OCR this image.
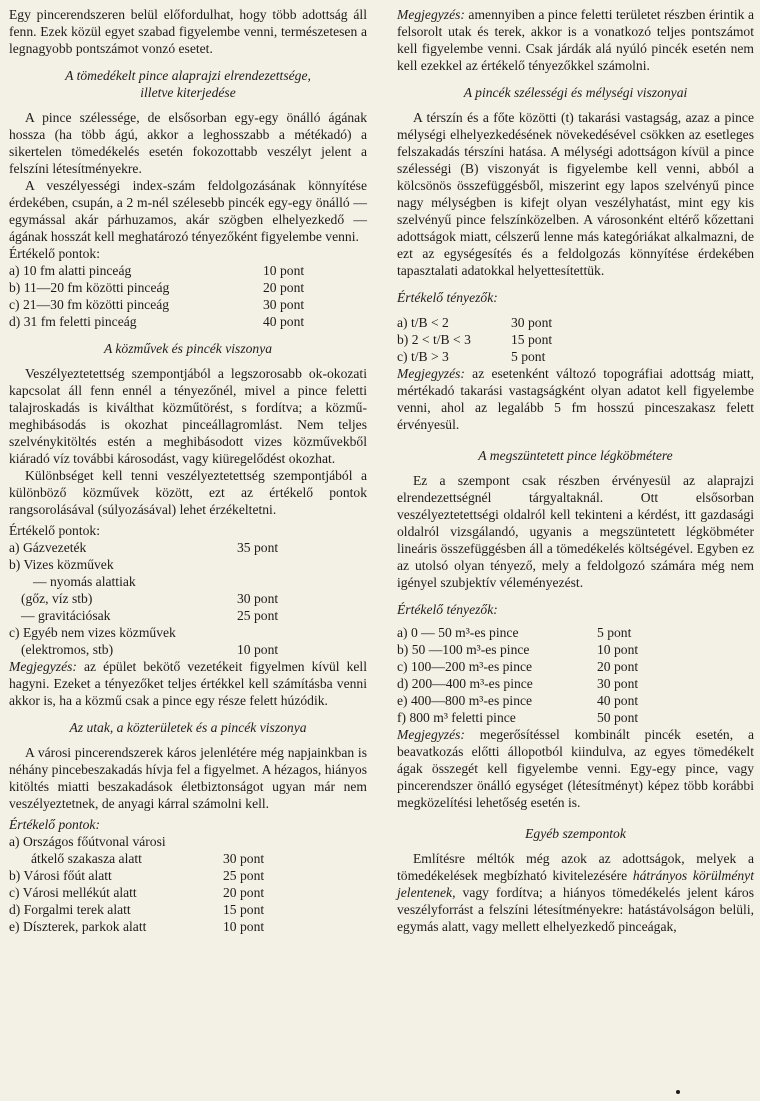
Egy pincerendszeren belül előfordulhat, hogy több adottság áll fenn. Ezek közül egyet szabad figyelembe venni, természetesen a legnagyobb pontszámot vonzó esetet.

A tömedékelt pince alaprajzi elrendezettsége,
illetve kiterjedése

A pince szélessége, de elsősorban egy-egy önálló ágának hossza (ha több ágú, akkor a leghosszabb a métékadó) a sikertelen tömedékelés esetén fokozottabb veszélyt jelent a felszíni létesítményekre.

A veszélyességi index-szám feldolgozásának könnyítése érdekében, csupán, a 2 m-nél szélesebb pincék egy-egy önálló — egymással akár párhuzamos, akár szögben elhelyezkedő — ágának hosszát kell meghatározó tényezőként figyelembe venni.

Értékelő pontok:
a) 10 fm alatti pinceág	10 pont
b) 11—20 fm közötti pinceág	20 pont
c) 21—30 fm közötti pinceág	30 pont
d) 31 fm feletti pinceág	40 pont
A közművek és pincék viszonya

Veszélyeztetettség szempontjából a legszorosabb ok-okozati kapcsolat áll fenn ennél a tényezőnél, mivel a pince feletti talajroskadás is kiválthat közműtörést, s fordítva; a közmű-meghibásodás is okozhat pinceállagromlást. Nem teljes szelvénykitöltés estén a meghibásodott vizes közművekből kiáradó víz további károsodást, vagy kiüregelődést okozhat.

Különbséget kell tenni veszélyeztetettség szempontjából a különböző közművek között, ezt az értékelő pontok rangsorolásával (súlyozásával) lehet érzékeltetni.

Értékelő pontok:
a) Gázvezeték	35 pont
b) Vizes közművek	
— nyomás alattiak	
(gőz, víz stb)	30 pont
— gravitációsak	25 pont
c) Egyéb nem vizes közművek	
(elektromos, stb)	10 pont

Megjegyzés: az épület bekötő vezetékeit figyelmen kívül kell hagyni. Ezeket a tényezőket teljes értékkel kell számításba venni akkor is, ha a közmű csak a pince egy része felett húzódik.

Az utak, a közterületek és a pincék viszonya

A városi pincerendszerek káros jelenlétére még napjainkban is néhány pincebeszakadás hívja fel a figyelmet. A hézagos, hiányos kitöltés miatti beszakadások életbiztonságot ugyan már nem veszélyeztetnek, de anyagi kárral számolni kell.

Értékelő pontok:
a) Országos főútvonal városi	
átkelő szakasza alatt	30 pont
b) Városi főút alatt	25 pont
c) Városi mellékút alatt	20 pont
d) Forgalmi terek alatt	15 pont
e) Díszterek, parkok alatt	10 pont

Megjegyzés: amennyiben a pince feletti területet részben érintik a felsorolt utak és terek, akkor is a vonatkozó teljes pontszámot kell figyelembe venni. Csak járdák alá nyúló pincék esetén nem kell ezekkel az értékelő tényezőkkel számolni.

A pincék szélességi és mélységi viszonyai

A térszín és a főte közötti (t) takarási vastagság, azaz a pince mélységi elhelyezkedésének növekedésével csökken az esetleges felszakadás térszíni hatása. A mélységi adottságon kívül a pince szélességi (B) viszonyát is figyelembe kell venni, abból a kölcsönös összefüggésből, miszerint egy lapos szelvényű pince nagy mélységben is kifejt olyan veszélyhatást, mint egy kis szelvényű pince felszínközelben. A városonként eltérő kőzettani adottságok miatt, célszerű lenne más kategóriákat alkalmazni, de ezt az egységesítés és a feldolgozás könnyítése érdekében tapasztalati adatokkal helyettesítettük.

Értékelő tényezők:
a) t/B < 2	30 pont
b) 2 < t/B < 3	15 pont
c) t/B > 3	5 pont

Megjegyzés: az esetenként változó topográfiai adottság miatt, mértékadó takarási vastagságként olyan adatot kell figyelembe venni, ahol az legalább 5 fm hosszú pinceszakasz felett érvényesül.

A megszüntetett pince légköbmétere

Ez a szempont csak részben érvényesül az alaprajzi elrendezettségnél tárgyaltaknál. Ott elsősorban veszélyeztetettségi oldalról kell tekinteni a kérdést, itt gazdasági oldalról vizsgálandó, ugyanis a megszüntetett légköbméter lineáris összefüggésben áll a tömedékelés költségével. Egyben ez az utolsó olyan tényező, mely a feldolgozó számára még nem igényel szubjektív véleményezést.

Értékelő tényezők:
a) 0 — 50 m³-es pince	5 pont
b) 50 —100 m³-es pince	10 pont
c) 100—200 m³-es pince	20 pont
d) 200—400 m³-es pince	30 pont
e) 400—800 m³-es pince	40 pont
f) 800 m³ feletti pince	50 pont

Megjegyzés: megerősítéssel kombinált pincék esetén, a beavatkozás előtti állopotból kiindulva, az egyes tömedékelt ágak összegét kell figyelembe venni. Egy-egy pince, vagy pincerendszer önálló egységet (létesítményt) képez több korábbi megközelítési lehetőség esetén is.

Egyéb szempontok

Említésre méltók még azok az adottságok, melyek a tömedékelések megbízható kivitelezésére hátrányos körülményt jelentenek, vagy fordítva; a hiányos tömedékelés jelent káros veszélyforrást a felszíni létesítményekre: hatástávolságon belüli, egymás alatt, vagy mellett elhelyezkedő pinceágak,
